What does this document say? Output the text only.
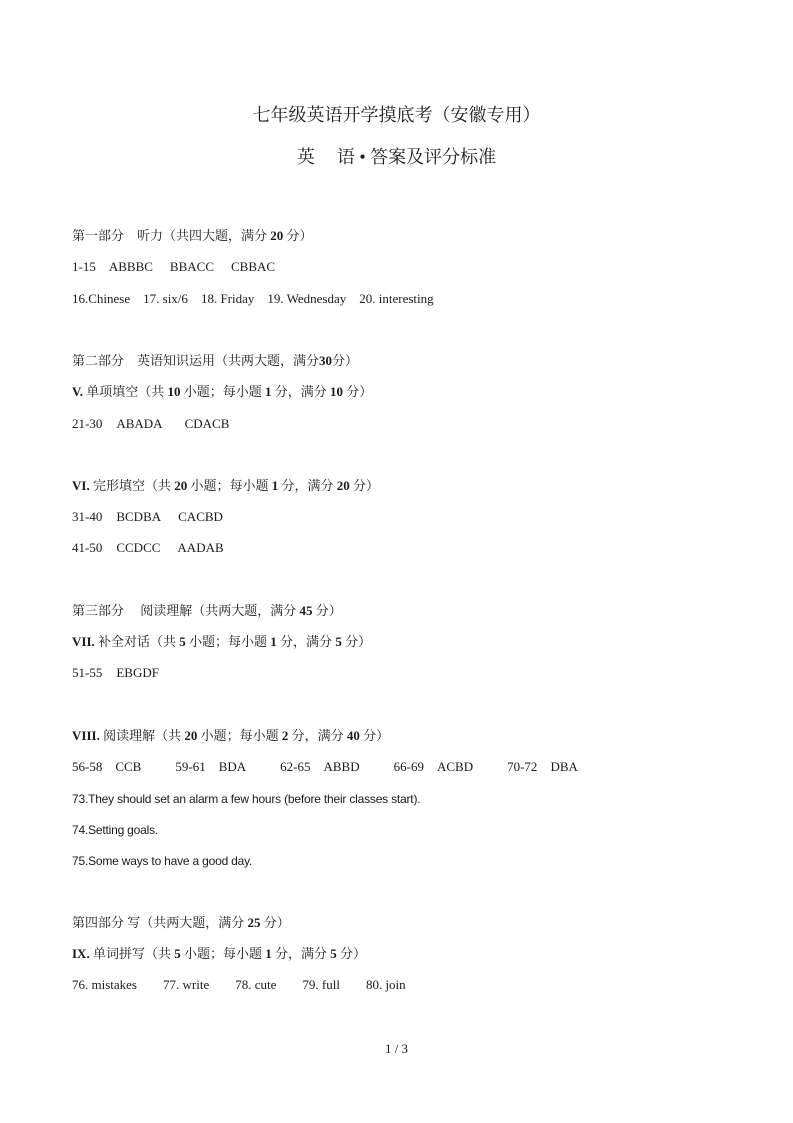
七年级英语开学摸底考（安徽专用）
英 语 • 答案及评分标准
第一部分　听力（共四大题，满分 20 分）
1-15 ABBBC BBACC CBBAC
16.Chinese 17. six/6 18. Friday 19. Wednesday 20. interesting
第二部分　英语知识运用（共两大题，满分30分）
V. 单项填空（共 10 小题；每小题 1 分，满分 10 分）
21-30 ABADA CDACB
VI. 完形填空（共 20 小题；每小题 1 分，满分 20 分）
31-40 BCDBA CACBD
41-50 CCDCC AADAB
第三部分　 阅读理解（共两大题，满分 45 分）
VII. 补全对话（共 5 小题；每小题 1 分，满分 5 分）
51-55 EBGDF
VIII. 阅读理解（共 20 小题；每小题 2 分，满分 40 分）
56-58 CCB	59-61 BDA	62-65 ABBD	66-69 ACBD	70-72 DBA
73.They should set an alarm a few hours (before their classes start).
74.Setting goals.
75.Some ways to have a good day.
第四部分 写（共两大题，满分 25 分）
IX. 单词拼写（共 5 小题；每小题 1 分，满分 5 分）
76. mistakes 77. write 78. cute 79. full 80. join
1 / 3
